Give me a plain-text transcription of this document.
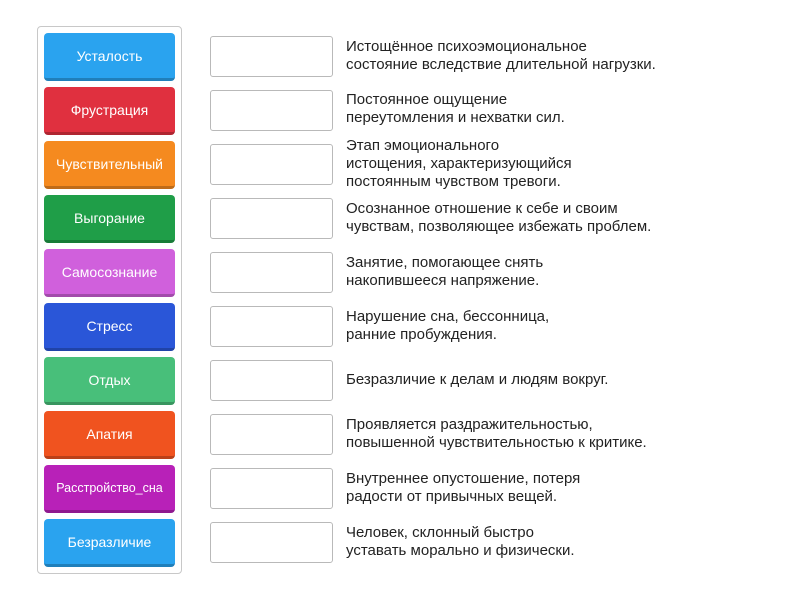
Усталость
Фрустрация
Чувствительный
Выгорание
Самосознание
Стресс
Отдых
Апатия
Расстройство_сна
Безразличие
Истощённое психоэмоциональное
состояние вследствие длительной нагрузки.
Постоянное ощущение
переутомления и нехватки сил.
Этап эмоционального
истощения, характеризующийся
постоянным чувством тревоги.
Осознанное отношение к себе и своим
чувствам, позволяющее избежать проблем.
Занятие, помогающее снять
накопившееся напряжение.
Нарушение сна, бессонница,
ранние пробуждения.
Безразличие к делам и людям вокруг.
Проявляется раздражительностью,
повышенной чувствительностью к критике.
Внутреннее опустошение, потеря
радости от привычных вещей.
Человек, склонный быстро
уставать морально и физически.
